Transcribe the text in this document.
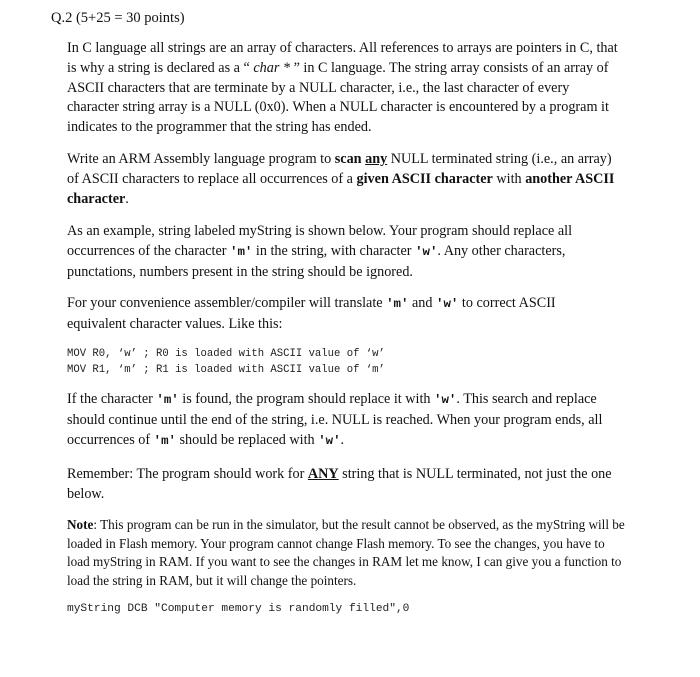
Q.2 (5+25 = 30 points)
In C language all strings are an array of characters. All references to arrays are pointers in C, that
is why a string is declared as a “ char * ” in C language. The string array consists of an array of
ASCII characters that are terminate by a NULL character, i.e., the last character of every
character string array is a NULL (0x0). When a NULL character is encountered by a program it
indicates to the programmer that the string has ended.
Write an ARM Assembly language program to scan any NULL terminated string (i.e., an array)
of ASCII characters to replace all occurrences of a given ASCII character with another ASCII
character.
As an example, string labeled myString is shown below. Your program should replace all
occurrences of the character 'm' in the string, with character 'w'. Any other characters,
punctations, numbers present in the string should be ignored.
For your convenience assembler/compiler will translate 'm' and 'w' to correct ASCII
equivalent character values. Like this:
MOV R0, ‘w’ ; R0 is loaded with ASCII value of ‘w’
MOV R1, ‘m’ ; R1 is loaded with ASCII value of ‘m’
If the character 'm' is found, the program should replace it with 'w'. This search and replace
should continue until the end of the string, i.e. NULL is reached. When your program ends, all
occurrences of 'm' should be replaced with 'w'.
Remember: The program should work for ANY string that is NULL terminated, not just the one
below.
Note: This program can be run in the simulator, but the result cannot be observed, as the myString will be
loaded in Flash memory. Your program cannot change Flash memory. To see the changes, you have to
load myString in RAM. If you want to see the changes in RAM let me know, I can give you a function to
load the string in RAM, but it will change the pointers.
myString DCB "Computer memory is randomly filled",0
